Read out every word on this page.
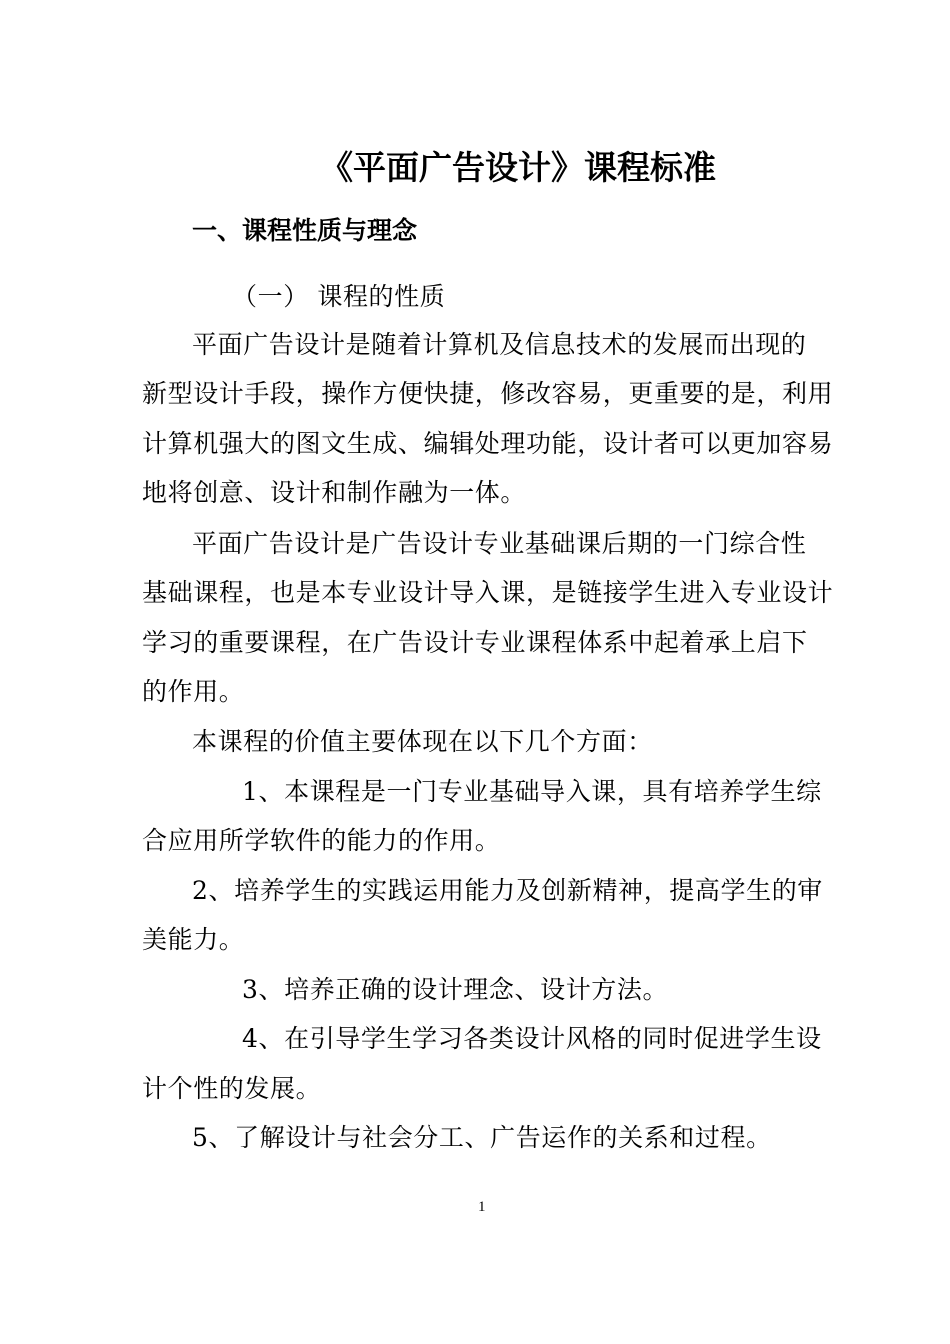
《平面广告设计》课程标准
一、课程性质与理念
（一） 课程的性质
平面广告设计是随着计算机及信息技术的发展而出现的
新型设计手段，操作方便快捷，修改容易，更重要的是，利用
计算机强大的图文生成、编辑处理功能，设计者可以更加容易
地将创意、设计和制作融为一体。
平面广告设计是广告设计专业基础课后期的一门综合性
基础课程，也是本专业设计导入课，是链接学生进入专业设计
学习的重要课程，在广告设计专业课程体系中起着承上启下
的作用。
本课程的价值主要体现在以下几个方面：
1、本课程是一门专业基础导入课，具有培养学生综
合应用所学软件的能力的作用。
2、培养学生的实践运用能力及创新精神，提高学生的审
美能力。
3、培养正确的设计理念、设计方法。
4、在引导学生学习各类设计风格的同时促进学生设
计个性的发展。
5、了解设计与社会分工、广告运作的关系和过程。
1
